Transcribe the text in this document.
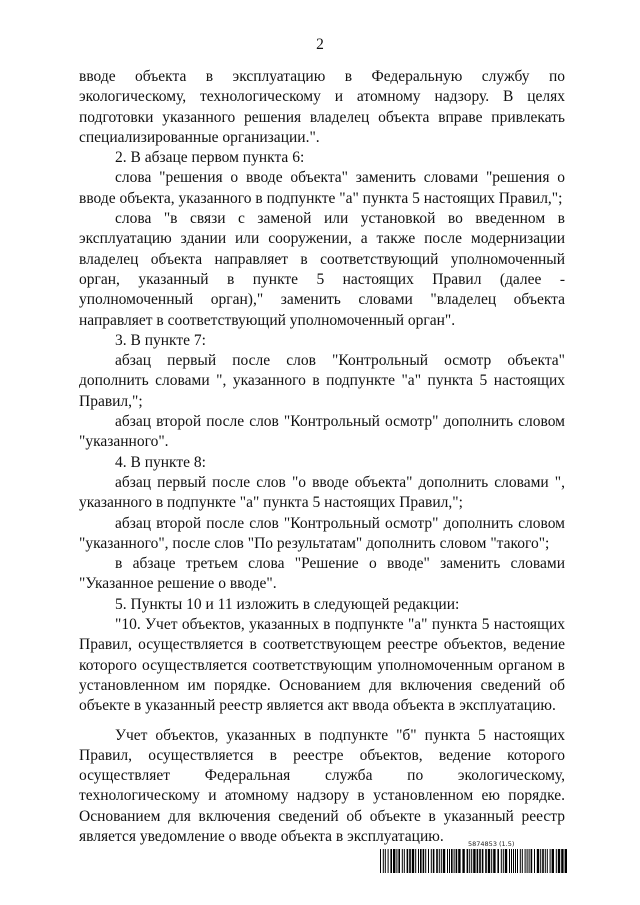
2

вводе объекта в эксплуатацию в Федеральную службу по экологическому, технологическому и атомному надзору. В целях подготовки указанного решения владелец объекта вправе привлекать специализированные организации.".

2. В абзаце первом пункта 6:

слова "решения о вводе объекта" заменить словами "решения о вводе объекта, указанного в подпункте "а" пункта 5 настоящих Правил,";

слова "в связи с заменой или установкой во введенном в эксплуатацию здании или сооружении, а также после модернизации владелец объекта направляет в соответствующий уполномоченный орган, указанный в пункте 5 настоящих Правил (далее - уполномоченный орган)," заменить словами "владелец объекта направляет в соответствующий уполномоченный орган".

3. В пункте 7:

абзац первый после слов "Контрольный осмотр объекта" дополнить словами ", указанного в подпункте "а" пункта 5 настоящих Правил,";

абзац второй после слов "Контрольный осмотр" дополнить словом "указанного".

4. В пункте 8:

абзац первый после слов "о вводе объекта" дополнить словами ", указанного в подпункте "а" пункта 5 настоящих Правил,";

абзац второй после слов "Контрольный осмотр" дополнить словом "указанного", после слов "По результатам" дополнить словом "такого";

в абзаце третьем слова "Решение о вводе" заменить словами "Указанное решение о вводе".

5. Пункты 10 и 11 изложить в следующей редакции:

"10. Учет объектов, указанных в подпункте "а" пункта 5 настоящих Правил, осуществляется в соответствующем реестре объектов, ведение которого осуществляется соответствующим уполномоченным органом в установленном им порядке. Основанием для включения сведений об объекте в указанный реестр является акт ввода объекта в эксплуатацию.

Учет объектов, указанных в подпункте "б" пункта 5 настоящих Правил, осуществляется в реестре объектов, ведение которого осуществляет Федеральная служба по экологическому, технологическому и атомному надзору в установленном ею порядке. Основанием для включения сведений об объекте в указанный реестр является уведомление о вводе объекта в эксплуатацию.	5874853 (1.5)
